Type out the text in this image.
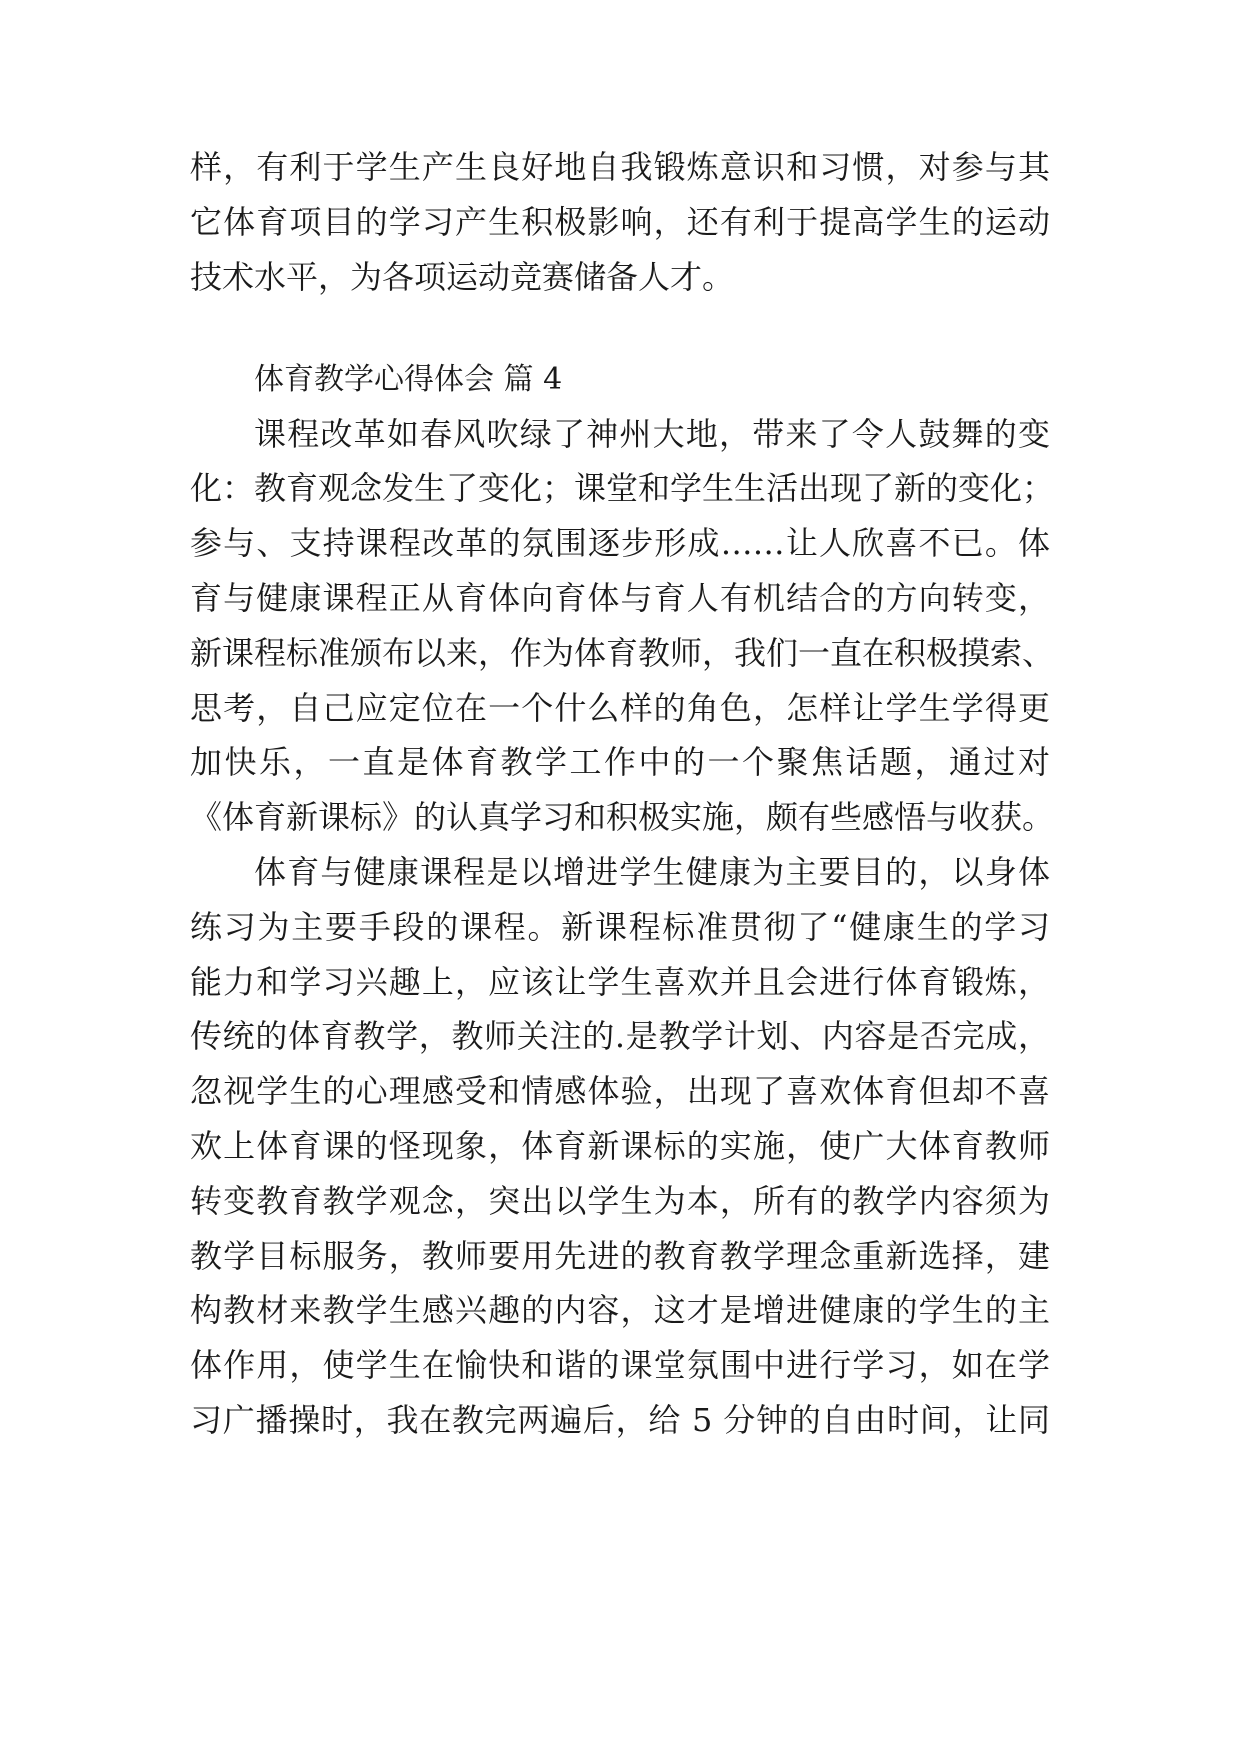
样，有利于学生产生良好地自我锻炼意识和习惯，对参与其
它体育项目的学习产生积极影响，还有利于提高学生的运动
技术水平，为各项运动竞赛储备人才。
体育教学心得体会 篇 4
课程改革如春风吹绿了神州大地，带来了令人鼓舞的变
化：教育观念发生了变化；课堂和学生生活出现了新的变化；
参与、支持课程改革的氛围逐步形成……让人欣喜不已。体
育与健康课程正从育体向育体与育人有机结合的方向转变，
新课程标准颁布以来，作为体育教师，我们一直在积极摸索、
思考，自己应定位在一个什么样的角色，怎样让学生学得更
加快乐，一直是体育教学工作中的一个聚焦话题，通过对
《体育新课标》的认真学习和积极实施，颇有些感悟与收获。
体育与健康课程是以增进学生健康为主要目的，以身体
练习为主要手段的课程。新课程标准贯彻了“健康生的学习
能力和学习兴趣上，应该让学生喜欢并且会进行体育锻炼，
传统的体育教学，教师关注的.是教学计划、内容是否完成，
忽视学生的心理感受和情感体验，出现了喜欢体育但却不喜
欢上体育课的怪现象，体育新课标的实施，使广大体育教师
转变教育教学观念，突出以学生为本，所有的教学内容须为
教学目标服务，教师要用先进的教育教学理念重新选择，建
构教材来教学生感兴趣的内容，这才是增进健康的学生的主
体作用，使学生在愉快和谐的课堂氛围中进行学习，如在学
习广播操时，我在教完两遍后，给 5 分钟的自由时间，让同
